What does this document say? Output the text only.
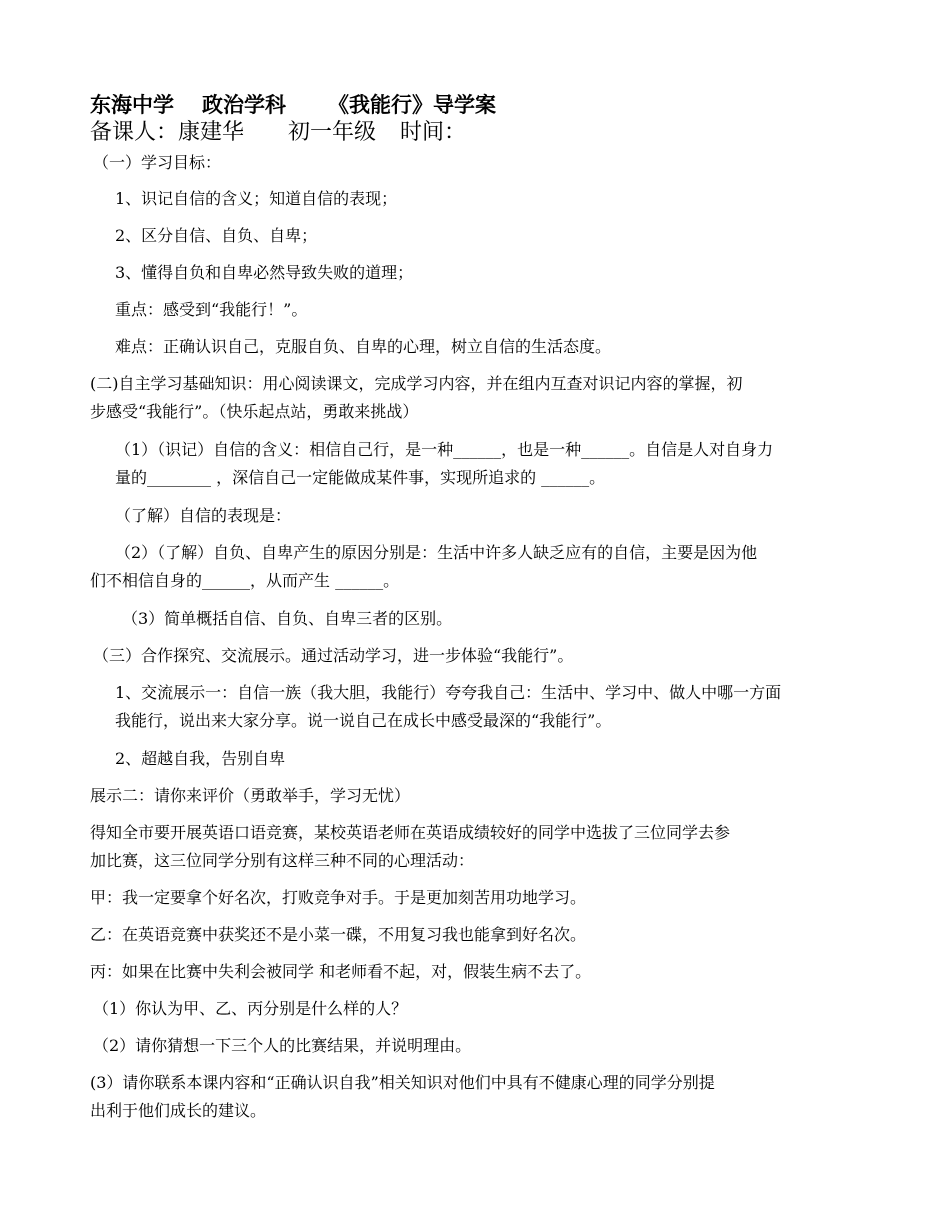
东海中学 政治学科 《我能行》导学案
备课人：康建华 初一年级 时间：
（一）学习目标：
1、识记自信的含义；知道自信的表现；
2、区分自信、自负、自卑；
3、懂得自负和自卑必然导致失败的道理；
重点：感受到“我能行！”。
难点：正确认识自己，克服自负、自卑的心理，树立自信的生活态度。
(二)自主学习基础知识：用心阅读课文，完成学习内容，并在组内互查对识记内容的掌握，初
步感受“我能行”。（快乐起点站，勇敢来挑战）
（1）（识记）自信的含义：相信自己行，是一种______，也是一种______。自信是人对自身力
量的________ ，深信自己一定能做成某件事，实现所追求的 ______。
（了解）自信的表现是：
（2）（了解）自负、自卑产生的原因分别是：生活中许多人缺乏应有的自信，主要是因为他
们不相信自身的______，从而产生 ______。
（3）简单概括自信、自负、自卑三者的区别。
（三）合作探究、交流展示。通过活动学习，进一步体验“我能行”。
1、交流展示一：自信一族（我大胆，我能行）夸夸我自己：生活中、学习中、做人中哪一方面
我能行，说出来大家分享。说一说自己在成长中感受最深的“我能行”。
2、超越自我，告别自卑
展示二：请你来评价（勇敢举手，学习无忧）
得知全市要开展英语口语竞赛，某校英语老师在英语成绩较好的同学中选拔了三位同学去参
加比赛，这三位同学分别有这样三种不同的心理活动：
甲：我一定要拿个好名次，打败竞争对手。于是更加刻苦用功地学习。
乙：在英语竞赛中获奖还不是小菜一碟，不用复习我也能拿到好名次。
丙：如果在比赛中失利会被同学 和老师看不起，对，假装生病不去了。
（1）你认为甲、乙、丙分别是什么样的人？
（2）请你猜想一下三个人的比赛结果，并说明理由。
(3）请你联系本课内容和“正确认识自我”相关知识对他们中具有不健康心理的同学分别提
出利于他们成长的建议。
